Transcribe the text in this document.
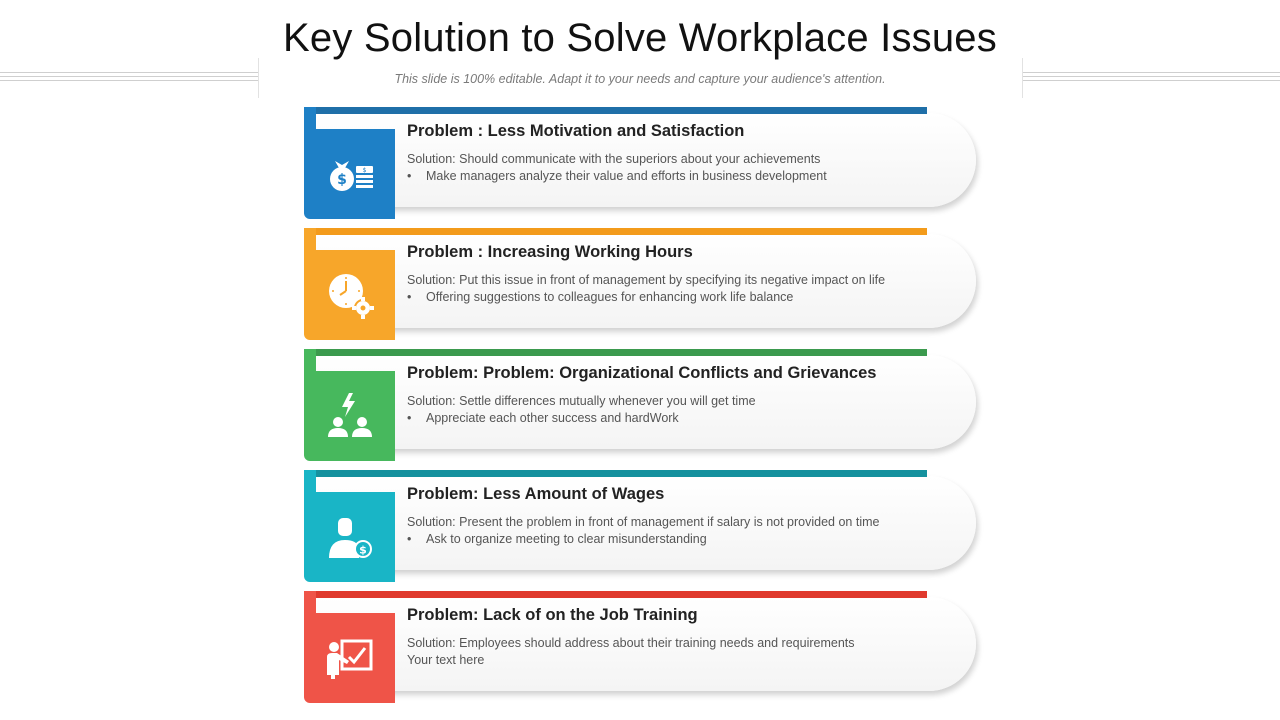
Key Solution to Solve Workplace Issues
This slide is 100% editable. Adapt it to your needs and capture your audience's attention.
$
$
Problem : Less Motivation and Satisfaction
Solution: Should communicate with the superiors about your achievements
• Make managers analyze their value and efforts in business development
Problem : Increasing Working Hours
Solution: Put this issue in front of management by specifying its negative impact on life
• Offering suggestions to colleagues for enhancing work life balance
Problem: Problem: Organizational Conflicts and Grievances
Solution: Settle differences mutually whenever you will get time
• Appreciate each other success and hardWork
$
Problem: Less Amount of Wages
Solution: Present the problem in front of management if salary is not provided on time
• Ask to organize meeting to clear misunderstanding
Problem: Lack of on the Job Training
Solution: Employees should address about their training needs and requirements
Your text here
